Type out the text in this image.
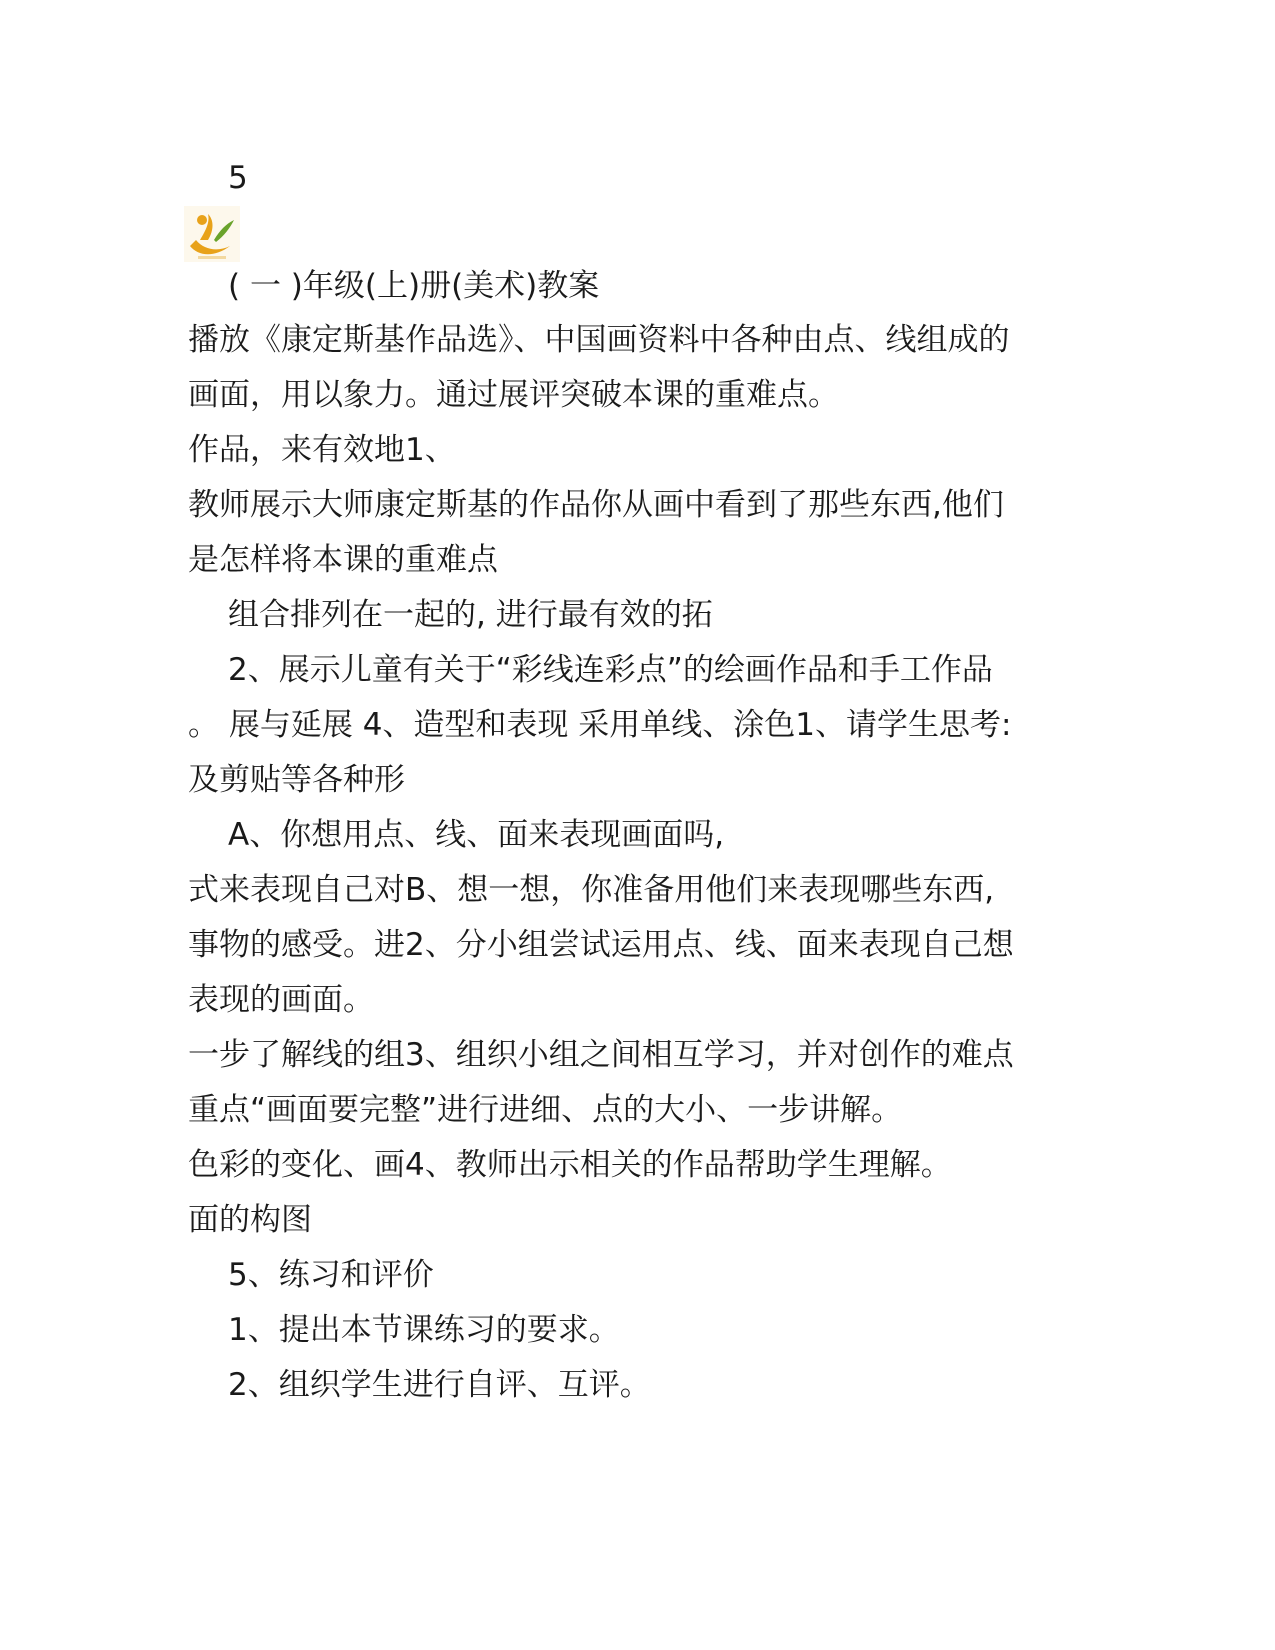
5
( 一 )年级(上)册(美术)教案
播放《康定斯基作品选》、中国画资料中各种由点、线组成的
画面，用以象力。通过展评突破本课的重难点。
作品，来有效地1、
教师展示大师康定斯基的作品你从画中看到了那些东西,他们
是怎样将本课的重难点
组合排列在一起的, 进行最有效的拓
2、展示儿童有关于“彩线连彩点”的绘画作品和手工作品
。 展与延展 4、造型和表现 采用单线、涂色1、请学生思考:
及剪贴等各种形
A、你想用点、线、面来表现画面吗,
式来表现自己对B、想一想，你准备用他们来表现哪些东西,
事物的感受。进2、分小组尝试运用点、线、面来表现自己想
表现的画面。
一步了解线的组3、组织小组之间相互学习，并对创作的难点
重点“画面要完整”进行进细、点的大小、一步讲解。
色彩的变化、画4、教师出示相关的作品帮助学生理解。
面的构图
5、练习和评价
1、提出本节课练习的要求。
2、组织学生进行自评、互评。
